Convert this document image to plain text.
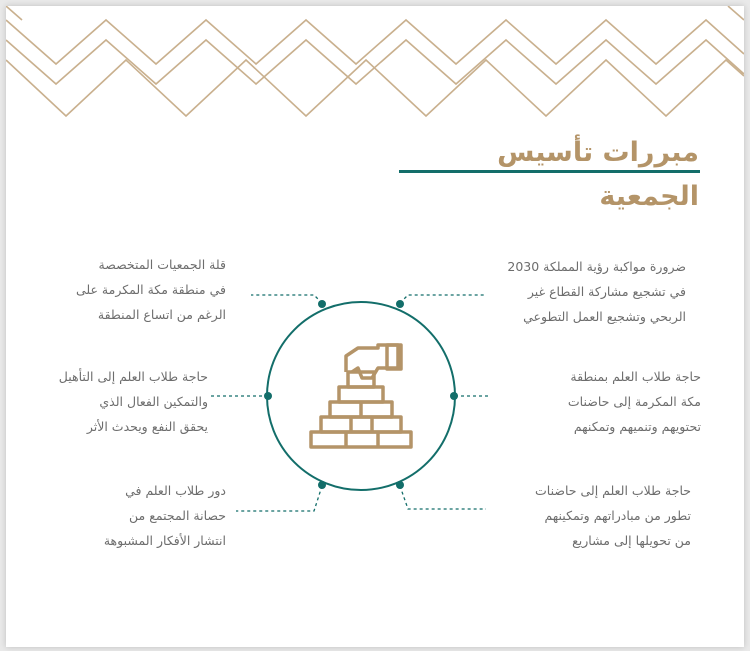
مبررات تأسيس الجمعية

ضرورة مواكبة رؤية المملكة 2030

في تشجيع مشاركة القطاع غير

الربحي وتشجيع العمل التطوعي

حاجة طلاب العلم بمنطقة

مكة المكرمة إلى حاضنات

تحتويهم وتنميهم وتمكنهم

حاجة طلاب العلم إلى حاضنات

تطور من مبادراتهم وتمكينهم

من تحويلها إلى مشاريع

قلة الجمعيات المتخصصة

في منطقة مكة المكرمة على

الرغم من اتساع المنطقة

حاجة طلاب العلم إلى التأهيل

والتمكين الفعال الذي

يحقق النفع ويحدث الأثر

دور طلاب العلم في

حصانة المجتمع من

انتشار الأفكار المشبوهة
